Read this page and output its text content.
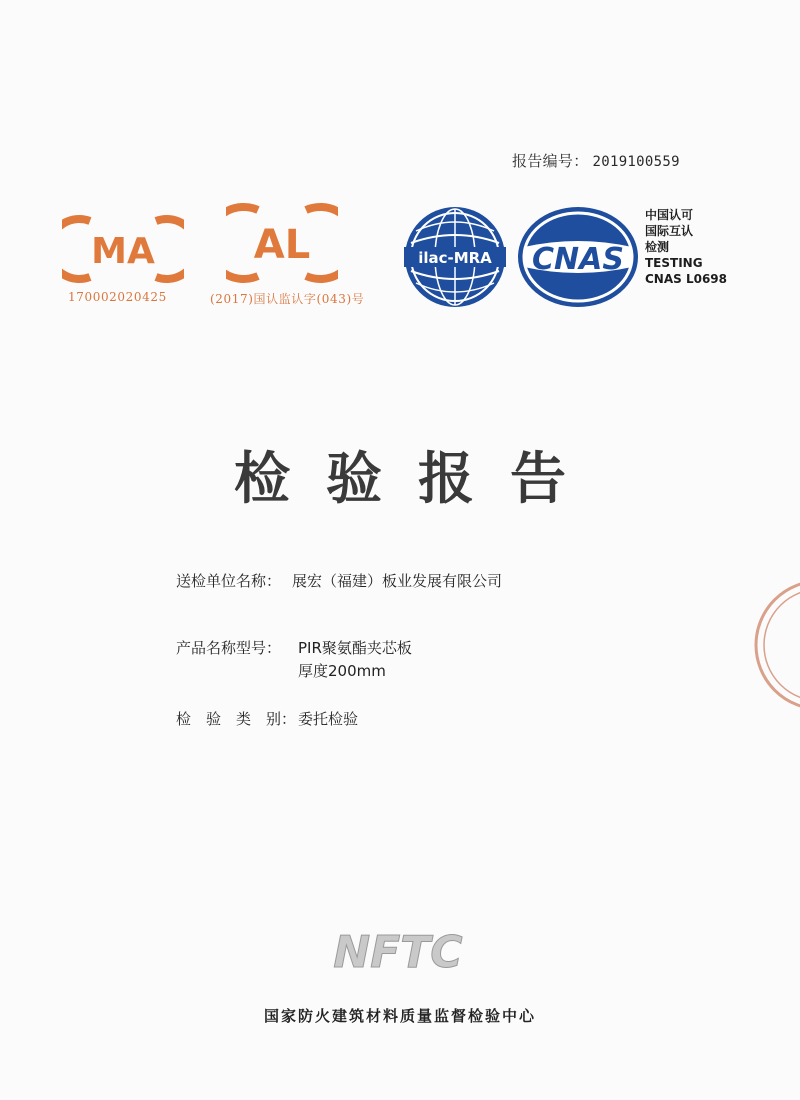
报告编号： 2019100559
MA
170002020425
AL
(2017)国认监认字(043)号
ilac-MRA CNAS
中国认可
国际互认
检测
TESTING
CNAS L0698
检验报告
送检单位名称： 展宏（福建）板业发展有限公司
产品名称型号： PIR聚氨酯夹芯板
厚度200mm
检　验　类　别： 委托检验
NFTC
国家防火建筑材料质量监督检验中心
